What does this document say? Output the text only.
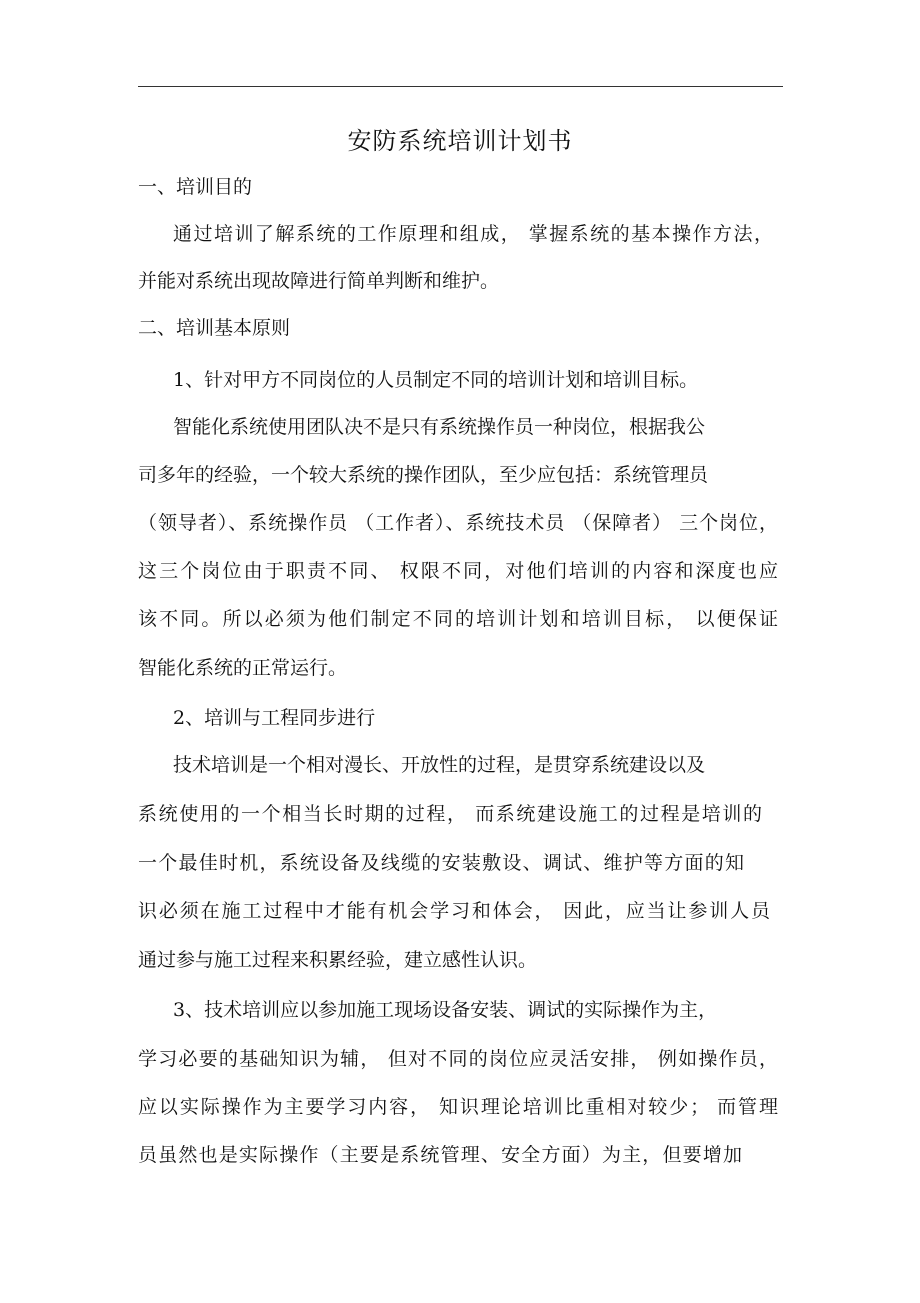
安防系统培训计划书
一、培训目的
通过培训了解系统的工作原理和组成， 掌握系统的基本操作方法，
并能对系统出现故障进行简单判断和维护。
二、培训基本原则
1、针对甲方不同岗位的人员制定不同的培训计划和培训目标。
智能化系统使用团队决不是只有系统操作员一种岗位，根据我公
司多年的经验，一个较大系统的操作团队，至少应包括：系统管理员
（领导者）、系统操作员 （工作者）、系统技术员 （保障者） 三个岗位，
这三个岗位由于职责不同、 权限不同，对他们培训的内容和深度也应
该不同。所以必须为他们制定不同的培训计划和培训目标， 以便保证
智能化系统的正常运行。
2、培训与工程同步进行
技术培训是一个相对漫长、开放性的过程，是贯穿系统建设以及
系统使用的一个相当长时期的过程， 而系统建设施工的过程是培训的
一个最佳时机，系统设备及线缆的安装敷设、调试、维护等方面的知
识必须在施工过程中才能有机会学习和体会， 因此，应当让参训人员
通过参与施工过程来积累经验，建立感性认识。
3、技术培训应以参加施工现场设备安装、调试的实际操作为主，
学习必要的基础知识为辅， 但对不同的岗位应灵活安排， 例如操作员，
应以实际操作为主要学习内容， 知识理论培训比重相对较少； 而管理
员虽然也是实际操作（主要是系统管理、安全方面）为主，但要增加
